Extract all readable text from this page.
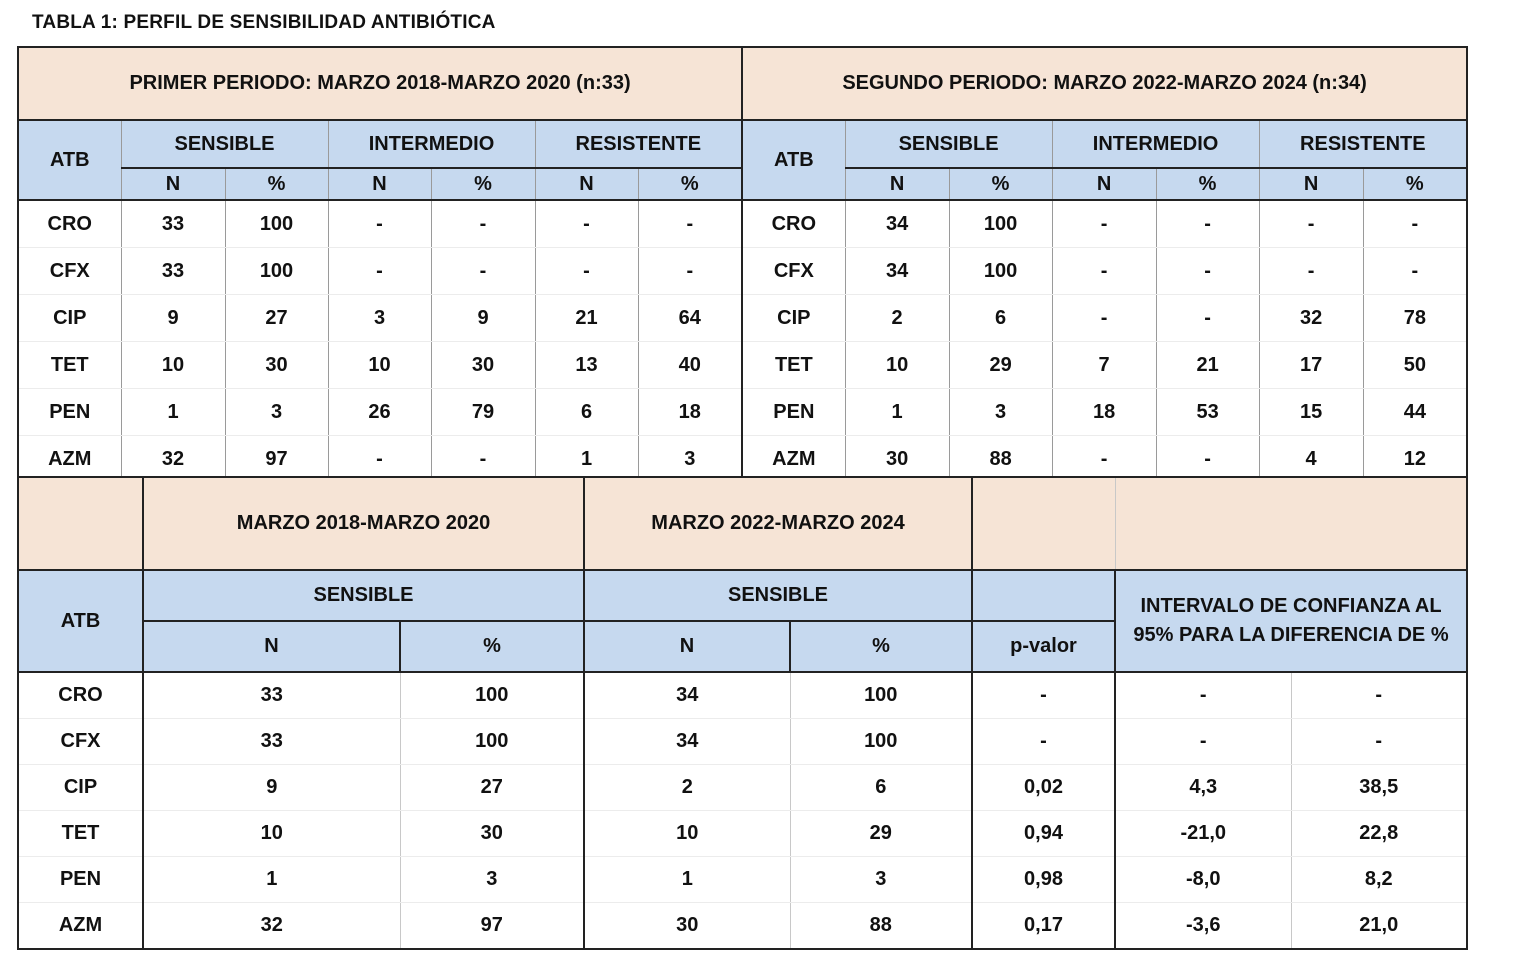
TABLA 1: PERFIL DE SENSIBILIDAD ANTIBIÓTICA
PRIMER PERIODO: MARZO 2018-MARZO 2020 (n:33)							SEGUNDO PERIODO: MARZO 2022-MARZO 2024 (n:34)						
ATB	SENSIBLE		INTERMEDIO		RESISTENTE		ATB	SENSIBLE		INTERMEDIO		RESISTENTE	
	N	%	N	%	N	%		N	%	N	%	N	%
CRO	33	100	-	-	-	-	CRO	34	100	-	-	-	-
CFX	33	100	-	-	-	-	CFX	34	100	-	-	-	-
CIP	9	27	3	9	21	64	CIP	2	6	-	-	32	78
TET	10	30	10	30	13	40	TET	10	29	7	21	17	50
PEN	1	3	26	79	6	18	PEN	1	3	18	53	15	44
AZM	32	97	-	-	1	3	AZM	30	88	-	-	4	12
	MARZO 2018-MARZO 2020		MARZO 2022-MARZO 2024				
ATB	SENSIBLE		SENSIBLE			INTERVALO DE CONFIANZA AL
95% PARA LA DIFERENCIA DE %	

	N	%	N	%	p-valor		
CRO	33	100	34	100	-	-	-
CFX	33	100	34	100	-	-	-
CIP	9	27	2	6	0,02	4,3	38,5
TET	10	30	10	29	0,94	-21,0	22,8
PEN	1	3	1	3	0,98	-8,0	8,2
AZM	32	97	30	88	0,17	-3,6	21,0
